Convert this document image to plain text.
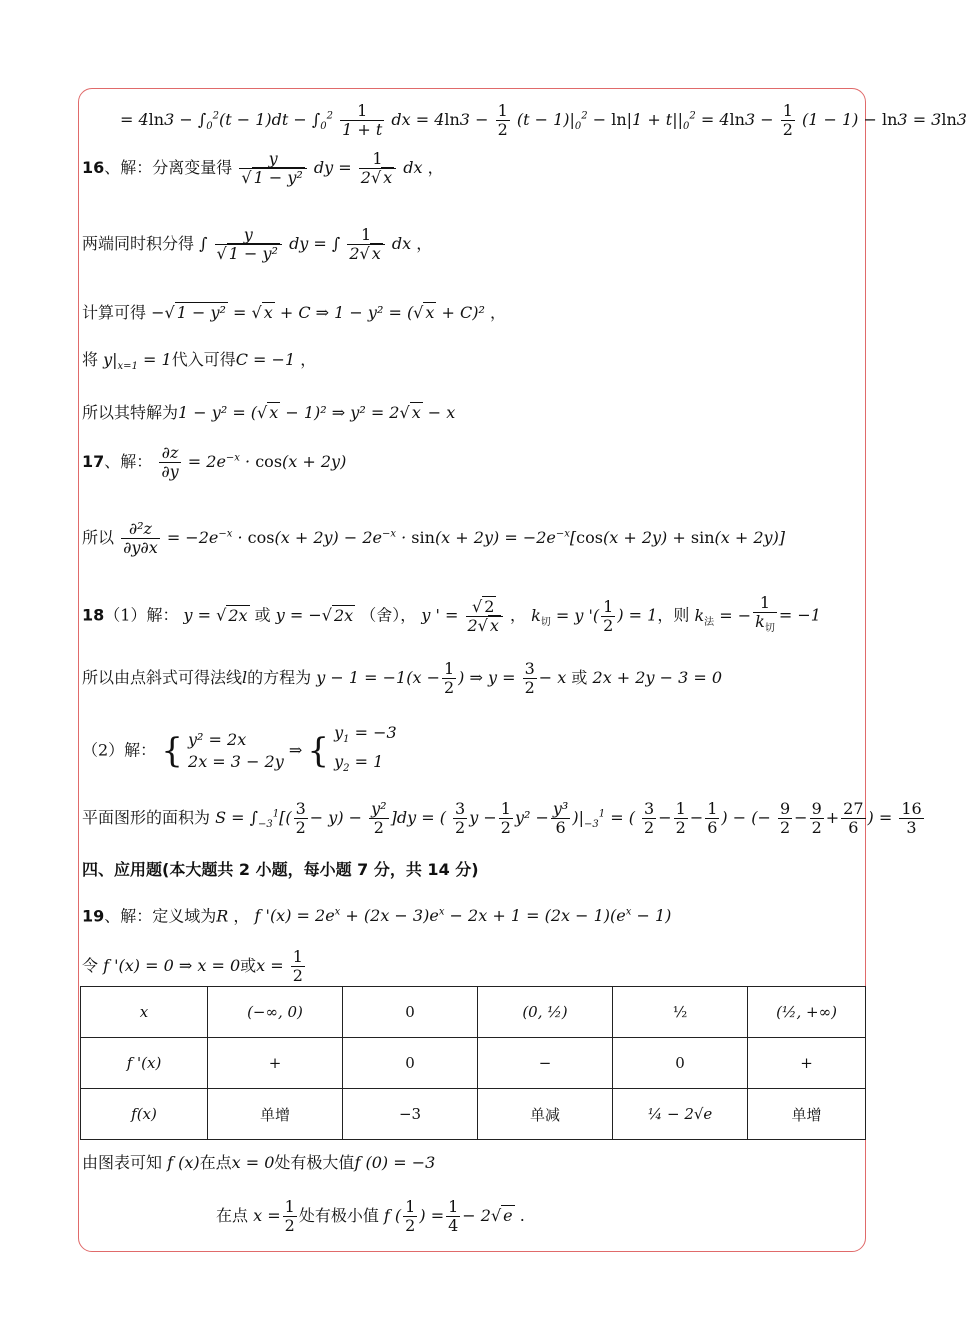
= $4\ln 3 - \int_0^2(t - 1)dt - \int_0^2 \frac{1}{1 + t}$ dx = $4\ln 3 - \frac{1}{2} (t - 1)|_0^2 - \ln|1 + t||_0^2 = 4\ln 3 - \frac{1}{2} (1 - 1) - \ln 3 = 3\ln 3$
16、解：分离变量得 $\frac{y}{\text{√ 1 − y²}}$ dy = $\frac{1}{2√ x}$ dx ，
两端同时积分得 ∫ $\frac{y}{\text{√ 1 − y²}}$ dy = ∫ $\frac{1}{2√ x}$ dx ，
计算可得 −√ 1 − y² = √ x + C ⇒ 1 − y² = (√ x + C)² ，
将 $y|_{x=1} = 1$代入可得C = −1 ，
所以其特解为1 − y² = (√ x − 1)² ⇒ y² = 2√ x − x
17、解： $\frac{\partial z}{\partial y} = 2e^{-x} \cdot \cos(x + 2y)$
所以 $\frac{\text{∂²z}}{\partial y\partial x} = -2e^{-x} \cdot \cos(x + 2y) - 2e^{-x} \cdot \sin(x + 2y) = -2e^{-x}[\cos(x + 2y) + \sin(x + 2y)]$
18（1）解： y = √ 2x 或 y = −√ 2x （舍）， y ' = $\frac{√ 2}{2√ x}$ ， $k_切 = y$ '( $\frac{1}{2}$ ) = 1，则 $k_法$ = − $\frac{1}{k_切} = -1$
所以由点斜式可得法线l的方程为 $y - 1 = -1(x - \frac{1}{2}$ ) ⇒ $y = \frac{3}{2} - x$ 或 2x + 2y − 3 = 0
（2）解： { y² = 2x
2x = 3 − 2y ⇒ { $y_1 = -3$
$y_2 = 1$
平面图形的面积为 $S = \int_{-3}^1[( \frac{3}{2} - y) - \frac{\text{y²}}{2} ]dy$ = ( $\frac{3}{2}$ $y - \frac{1}{2} y^2 - \frac{\text{y³}}{6} )|_{-3}^1$ = ( $\frac{3}{2} - \frac{1}{2} - \frac{1}{6}$ ) − (− $\frac{9}{2} - \frac{9}{2} + \frac{27}{6}$ ) = $\frac{16}{3}$
四、应用题(本大题共 2 小题，每小题 7 分，共 14 分)
19、解：定义域为R ， f '$(x) = 2e^x + (2x - 3)e^x - 2x + 1 = (2x - 1)(e^x - 1)$
令 f '(x) = 0 ⇒ x = 0或$x = \frac{1}{2}$
x	(−∞, 0)	0	(0, ½)	½	(½, +∞)
f '(x)	+	0	−	0	+
f(x)	单增	−3	单减	¼ − 2√e	单增
由图表可知 f (x)在点x = 0处有极大值f (0) = −3
在点 $x = \frac{1}{2}$ 处有极小值 f ( $\frac{1}{2}$ ) = $\frac{1}{4} - 2√$ e .
